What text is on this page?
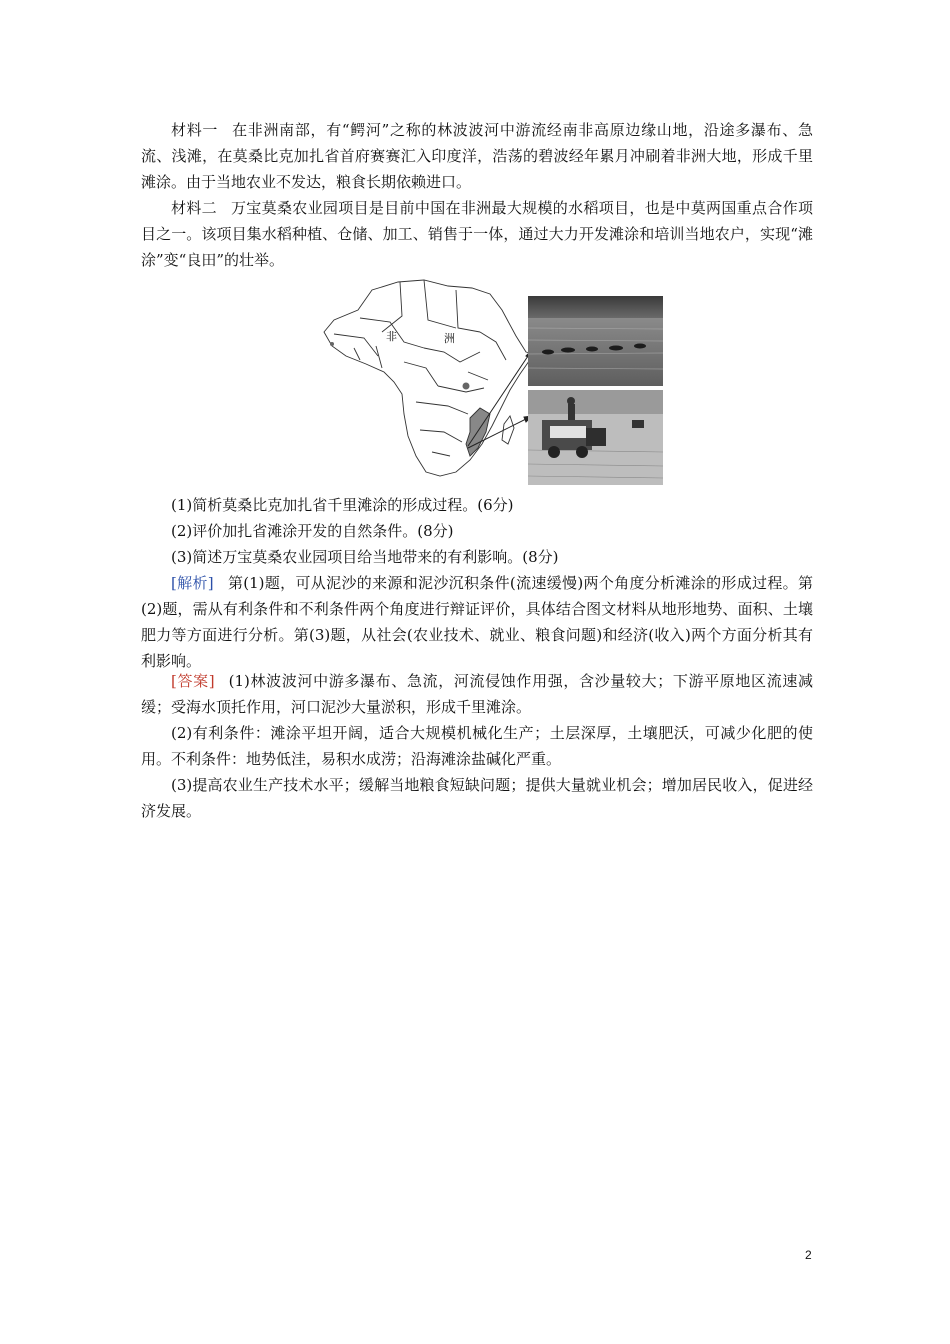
材料一 在非洲南部，有“鳄河”之称的林波波河中游流经南非高原边缘山地，沿途多瀑布、急流、浅滩，在莫桑比克加扎省首府赛赛汇入印度洋，浩荡的碧波经年累月冲刷着非洲大地，形成千里滩涂。由于当地农业不发达，粮食长期依赖进口。

材料二 万宝莫桑农业园项目是目前中国在非洲最大规模的水稻项目，也是中莫两国重点合作项目之一。该项目集水稻种植、仓储、加工、销售于一体，通过大力开发滩涂和培训当地农户，实现“滩涂”变“良田”的壮举。

非	洲
(1)简析莫桑比克加扎省千里滩涂的形成过程。(6分)
(2)评价加扎省滩涂开发的自然条件。(8分)
(3)简述万宝莫桑农业园项目给当地带来的有利影响。(8分)

[解析] 第(1)题，可从泥沙的来源和泥沙沉积条件(流速缓慢)两个角度分析滩涂的形成过程。第(2)题，需从有利条件和不利条件两个角度进行辩证评价，具体结合图文材料从地形地势、面积、土壤肥力等方面进行分析。第(3)题，从社会(农业技术、就业、粮食问题)和经济(收入)两个方面分析其有利影响。

[答案] (1)林波波河中游多瀑布、急流，河流侵蚀作用强，含沙量较大；下游平原地区流速减缓；受海水顶托作用，河口泥沙大量淤积，形成千里滩涂。

(2)有利条件：滩涂平坦开阔，适合大规模机械化生产；土层深厚，土壤肥沃，可减少化肥的使用。不利条件：地势低洼，易积水成涝；沿海滩涂盐碱化严重。

(3)提高农业生产技术水平；缓解当地粮食短缺问题；提供大量就业机会；增加居民收入，促进经济发展。

2
